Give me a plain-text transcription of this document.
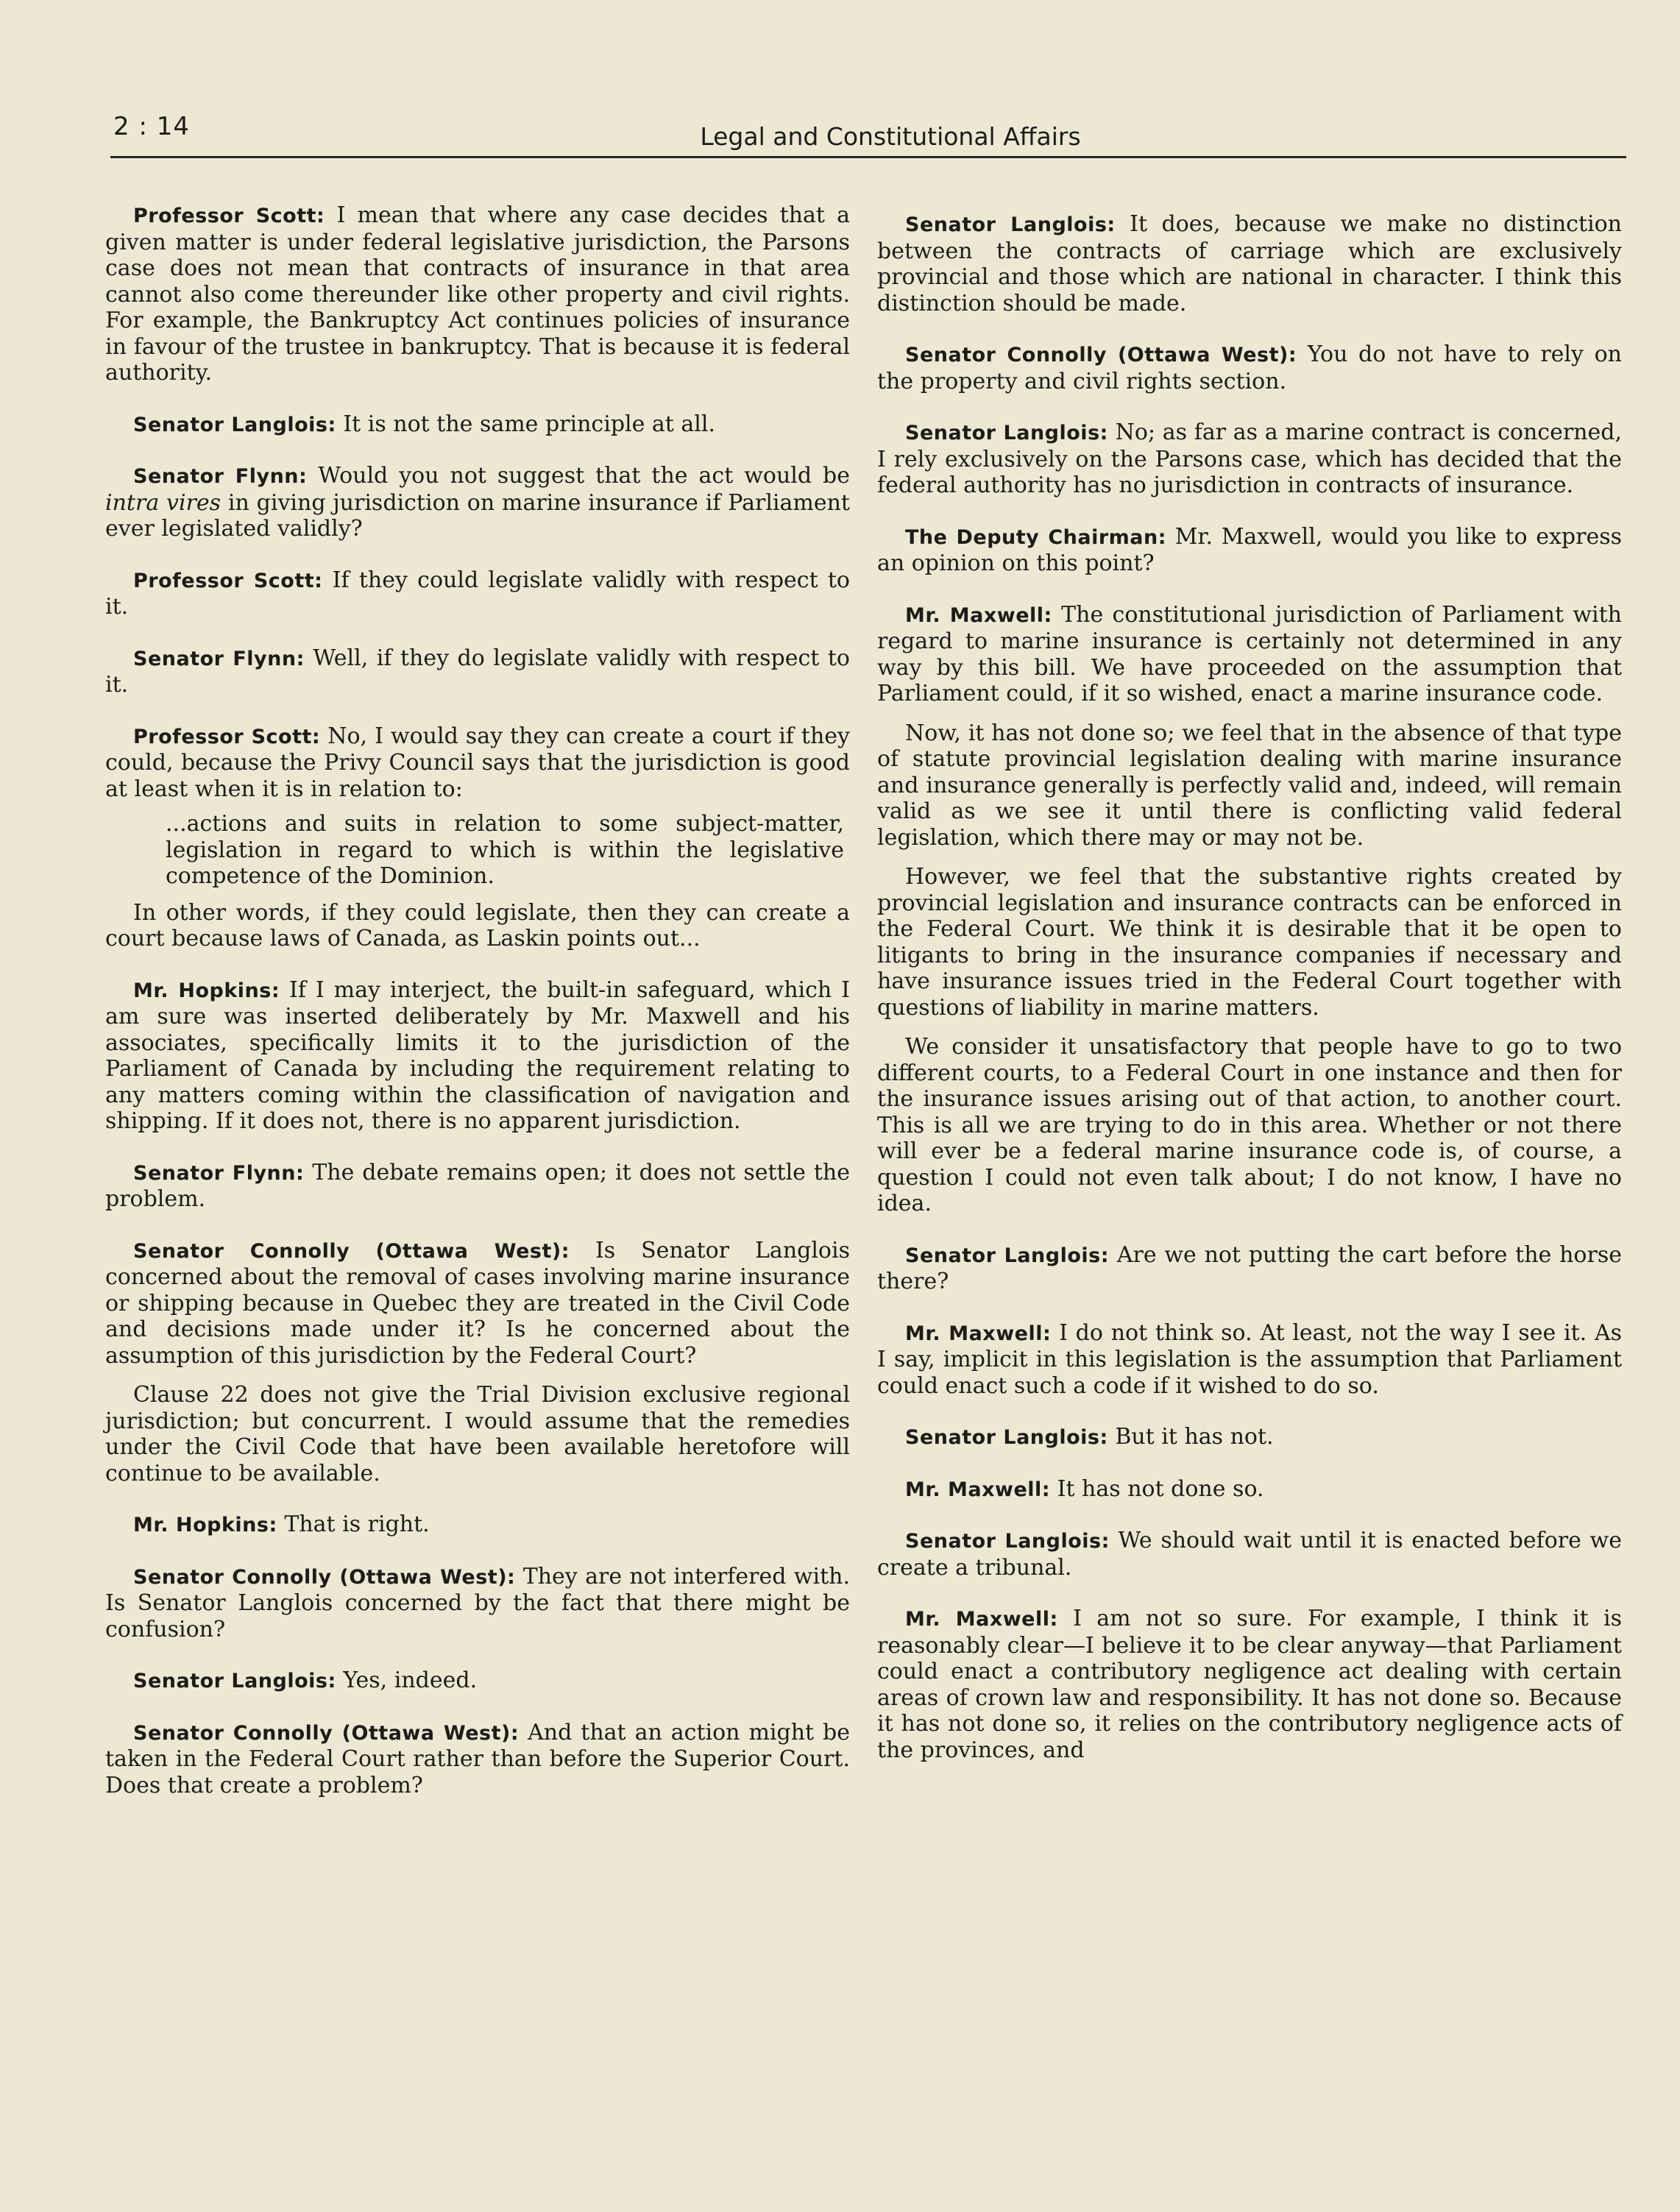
2 : 14	Legal and Constitutional Affairs

Professor Scott: I mean that where any case decides that a given matter is under federal legislative jurisdiction, the Parsons case does not mean that contracts of insurance in that area cannot also come thereunder like other property and civil rights. For example, the Bankruptcy Act continues policies of insurance in favour of the trustee in bankruptcy. That is because it is federal authority.

Senator Langlois: It is not the same principle at all.

Senator Flynn: Would you not suggest that the act would be intra vires in giving jurisdiction on marine insurance if Parliament ever legislated validly?

Professor Scott: If they could legislate validly with respect to it.

Senator Flynn: Well, if they do legislate validly with respect to it.

Professor Scott: No, I would say they can create a court if they could, because the Privy Council says that the jurisdiction is good at least when it is in relation to:

...actions and suits in relation to some subject-matter, legislation in regard to which is within the legislative competence of the Dominion.

In other words, if they could legislate, then they can create a court because laws of Canada, as Laskin points out...

Mr. Hopkins: If I may interject, the built-in safeguard, which I am sure was inserted deliberately by Mr. Maxwell and his associates, specifically limits it to the jurisdiction of the Parliament of Canada by including the requirement relating to any matters coming within the classification of navigation and shipping. If it does not, there is no apparent jurisdiction.

Senator Flynn: The debate remains open; it does not settle the problem.

Senator Connolly (Ottawa West): Is Senator Langlois concerned about the removal of cases involving marine insurance or shipping because in Quebec they are treated in the Civil Code and decisions made under it? Is he concerned about the assumption of this jurisdiction by the Federal Court?

Clause 22 does not give the Trial Division exclusive regional jurisdiction; but concurrent. I would assume that the remedies under the Civil Code that have been available heretofore will continue to be available.

Mr. Hopkins: That is right.

Senator Connolly (Ottawa West): They are not interfered with. Is Senator Langlois concerned by the fact that there might be confusion?

Senator Langlois: Yes, indeed.

Senator Connolly (Ottawa West): And that an action might be taken in the Federal Court rather than before the Superior Court. Does that create a problem?

Senator Langlois: It does, because we make no distinction between the contracts of carriage which are exclusively provincial and those which are national in character. I think this distinction should be made.

Senator Connolly (Ottawa West): You do not have to rely on the property and civil rights section.

Senator Langlois: No; as far as a marine contract is concerned, I rely exclusively on the Parsons case, which has decided that the federal authority has no jurisdiction in contracts of insurance.

The Deputy Chairman: Mr. Maxwell, would you like to express an opinion on this point?

Mr. Maxwell: The constitutional jurisdiction of Parliament with regard to marine insurance is certainly not determined in any way by this bill. We have proceeded on the assumption that Parliament could, if it so wished, enact a marine insurance code.

Now, it has not done so; we feel that in the absence of that type of statute provincial legislation dealing with marine insurance and insurance generally is perfectly valid and, indeed, will remain valid as we see it until there is conflicting valid federal legislation, which there may or may not be.

However, we feel that the substantive rights created by provincial legislation and insurance contracts can be enforced in the Federal Court. We think it is desirable that it be open to litigants to bring in the insurance companies if necessary and have insurance issues tried in the Federal Court together with questions of liability in marine matters.

We consider it unsatisfactory that people have to go to two different courts, to a Federal Court in one instance and then for the insurance issues arising out of that action, to another court. This is all we are trying to do in this area. Whether or not there will ever be a federal marine insurance code is, of course, a question I could not even talk about; I do not know, I have no idea.

Senator Langlois: Are we not putting the cart before the horse there?

Mr. Maxwell: I do not think so. At least, not the way I see it. As I say, implicit in this legislation is the assumption that Parliament could enact such a code if it wished to do so.

Senator Langlois: But it has not.

Mr. Maxwell: It has not done so.

Senator Langlois: We should wait until it is enacted before we create a tribunal.

Mr. Maxwell: I am not so sure. For example, I think it is reasonably clear—I believe it to be clear anyway—that Parliament could enact a contributory negligence act dealing with certain areas of crown law and responsibility. It has not done so. Because it has not done so, it relies on the contributory negligence acts of the provinces, and
